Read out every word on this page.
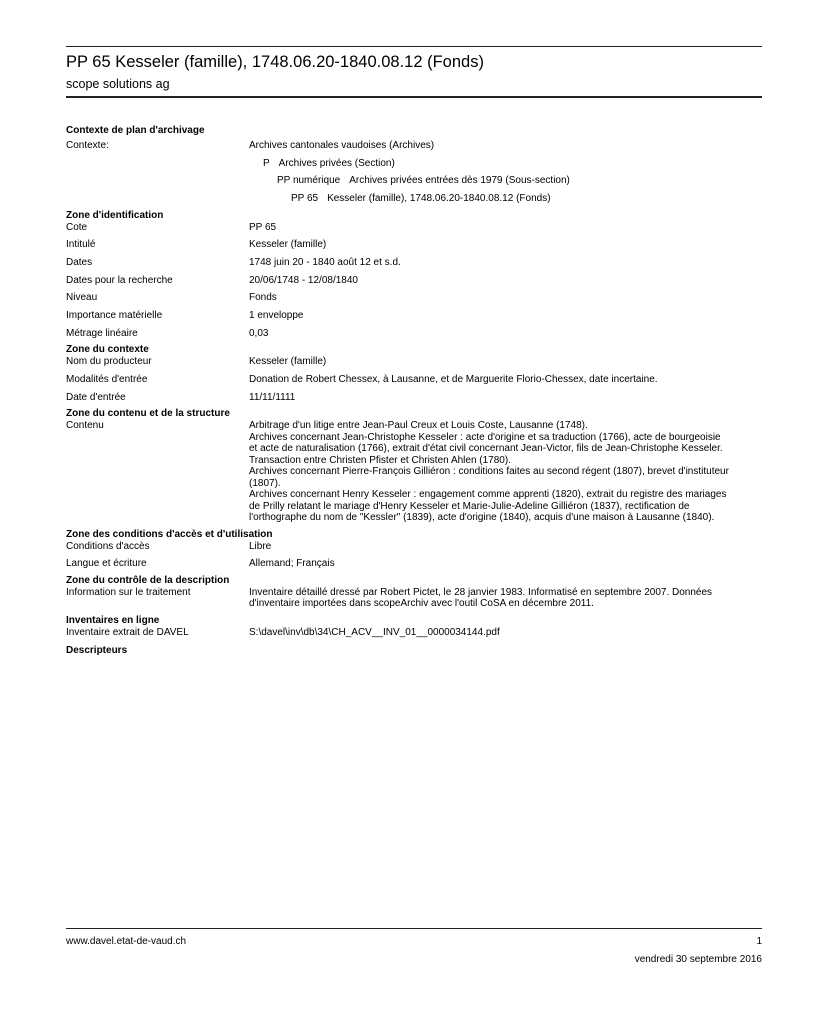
PP 65 Kesseler (famille), 1748.06.20-1840.08.12 (Fonds)
scope solutions ag
Contexte de plan d'archivage
Contexte:	Archives cantonales vaudoises (Archives)
P Archives privées (Section)
PP numérique Archives privées entrées dès 1979 (Sous-section)
PP 65 Kesseler (famille), 1748.06.20-1840.08.12 (Fonds)
Zone d'identification
Cote	PP 65
Intitulé	Kesseler (famille)
Dates	1748 juin 20 - 1840 août 12 et s.d.
Dates pour la recherche	20/06/1748 - 12/08/1840
Niveau	Fonds
Importance matérielle	1 enveloppe
Métrage linéaire	0,03
Zone du contexte
Nom du producteur	Kesseler (famille)
Modalités d'entrée	Donation de Robert Chessex, à Lausanne, et de Marguerite Florio-Chessex, date incertaine.
Date d'entrée	11/11/1111
Zone du contenu et de la structure
Contenu	Arbitrage d'un litige entre Jean-Paul Creux et Louis Coste, Lausanne (1748).
Archives concernant Jean-Christophe Kesseler : acte d'origine et sa traduction (1766), acte de bourgeoisie
et acte de naturalisation (1766), extrait d'état civil concernant Jean-Victor, fils de Jean-Christophe Kesseler.
Transaction entre Christen Pfister et Christen Ahlen (1780).
Archives concernant Pierre-François Gilliéron : conditions faites au second régent (1807), brevet d'instituteur
(1807).
Archives concernant Henry Kesseler : engagement comme apprenti (1820), extrait du registre des mariages
de Prilly relatant le mariage d'Henry Kesseler et Marie-Julie-Adeline Gilliéron (1837), rectification de
l'orthographe du nom de "Kessler" (1839), acte d'origine (1840), acquis d'une maison à Lausanne (1840).
Zone des conditions d'accès et d'utilisation
Conditions d'accès	Libre
Langue et écriture	Allemand; Français
Zone du contrôle de la description
Information sur le traitement	Inventaire détaillé dressé par Robert Pictet, le 28 janvier 1983. Informatisé en septembre 2007. Données
d'inventaire importées dans scopeArchiv avec l'outil CoSA en décembre 2011.
Inventaires en ligne
Inventaire extrait de DAVEL	S:\davel\inv\db\34\CH_ACV__INV_01__0000034144.pdf
Descripteurs
www.davel.etat-de-vaud.ch	1
vendredi 30 septembre 2016
